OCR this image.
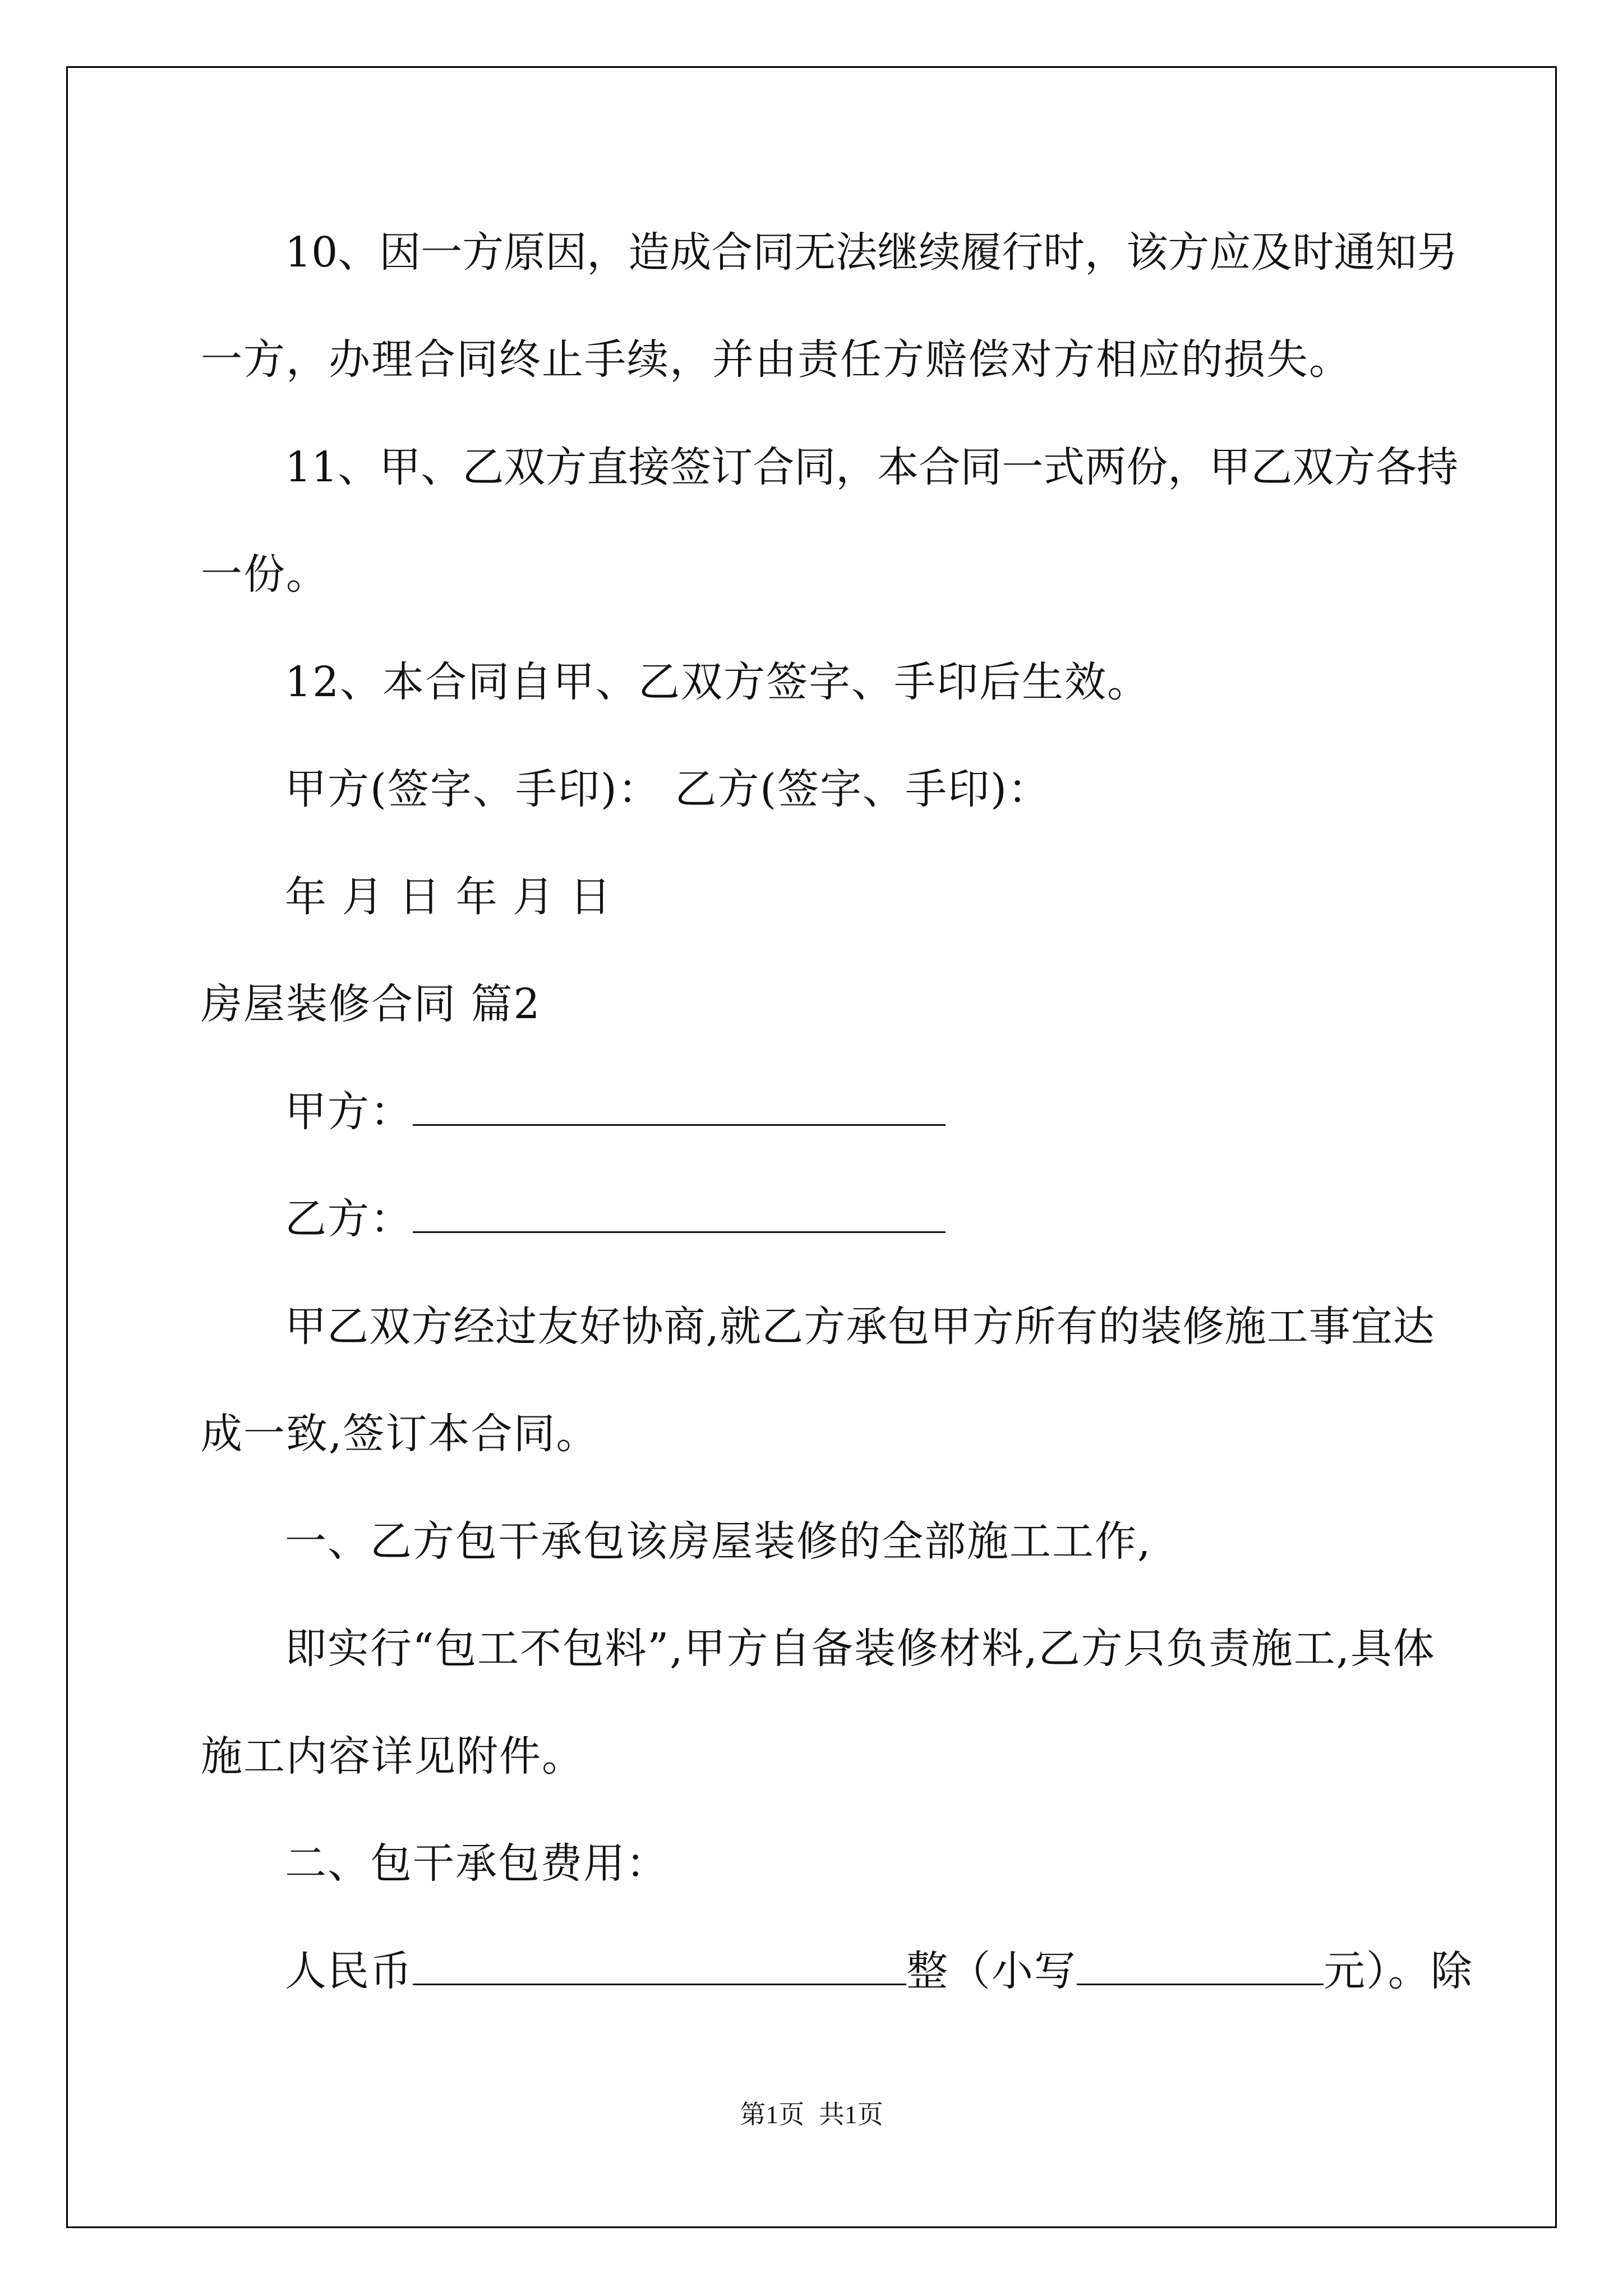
1 0 、 因 一 方 原 因 ， 造 成 合 同 无 法 继 续 履 行 时 ， 该 方 应 及 时 通 知 另
一方，办理合同终止手续，并由责任方赔偿对方相应的损失。
1 1 、 甲 、 乙 双 方 直 接 签 订 合 同 ， 本 合 同 一 式 两 份 ， 甲 乙 双 方 各 持
一份。
12、本合同自甲、乙双方签字、手印后生效。
甲方(签字、手印)： 乙方(签字、手印)：
年 月 日 年 月 日
房屋装修合同 篇2
甲 乙 双 方 经 过 友 好 协 商 , 就 乙 方 承 包 甲 方 所 有 的 装 修 施 工 事 宜 达
成一致,签订本合同。
一、乙方包干承包该房屋装修的全部施工工作,
即 实 行 “ 包 工 不 包 料 ” , 甲 方 自 备 装 修 材 料 , 乙 方 只 负 责 施 工 , 具 体
施工内容详见附件。
二、包干承包费用：
甲方：
乙方：
人民币	整（小写	元）。除
第1页 共1页
